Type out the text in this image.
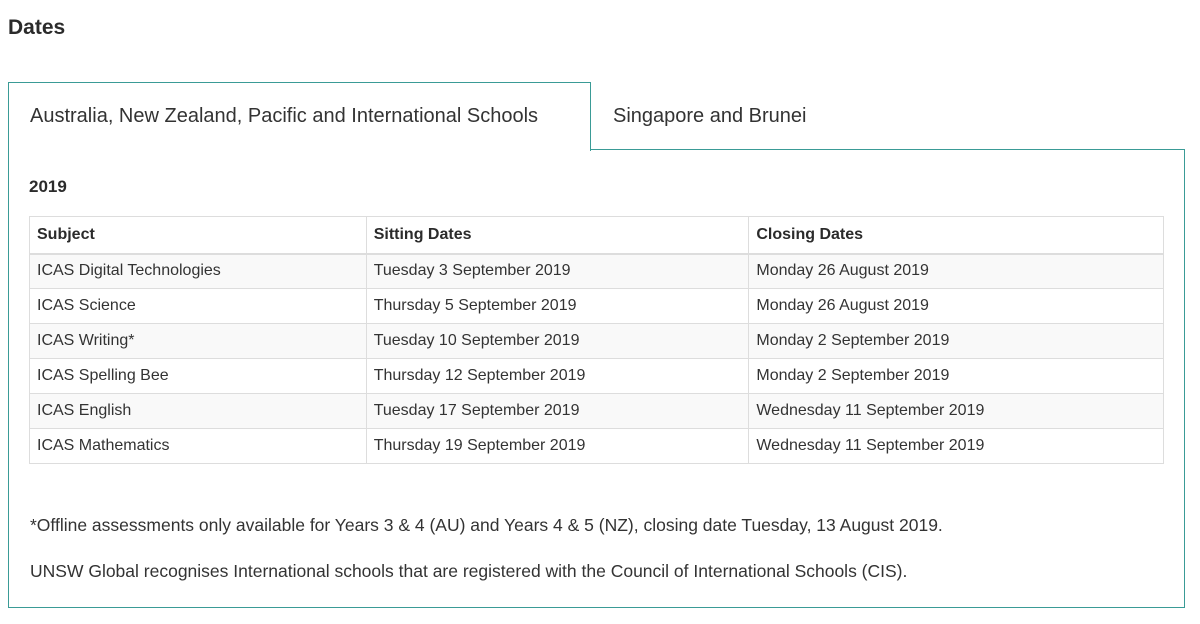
Dates
Australia, New Zealand, Pacific and International Schools	Singapore and Brunei
2019
Subject	Sitting Dates	Closing Dates
ICAS Digital Technologies	Tuesday 3 September 2019	Monday 26 August 2019
ICAS Science	Thursday 5 September 2019	Monday 26 August 2019
ICAS Writing*	Tuesday 10 September 2019	Monday 2 September 2019
ICAS Spelling Bee	Thursday 12 September 2019	Monday 2 September 2019
ICAS English	Tuesday 17 September 2019	Wednesday 11 September 2019
ICAS Mathematics	Thursday 19 September 2019	Wednesday 11 September 2019

*Offline assessments only available for Years 3 & 4 (AU) and Years 4 & 5 (NZ), closing date Tuesday, 13 August 2019.

UNSW Global recognises International schools that are registered with the Council of International Schools (CIS).
